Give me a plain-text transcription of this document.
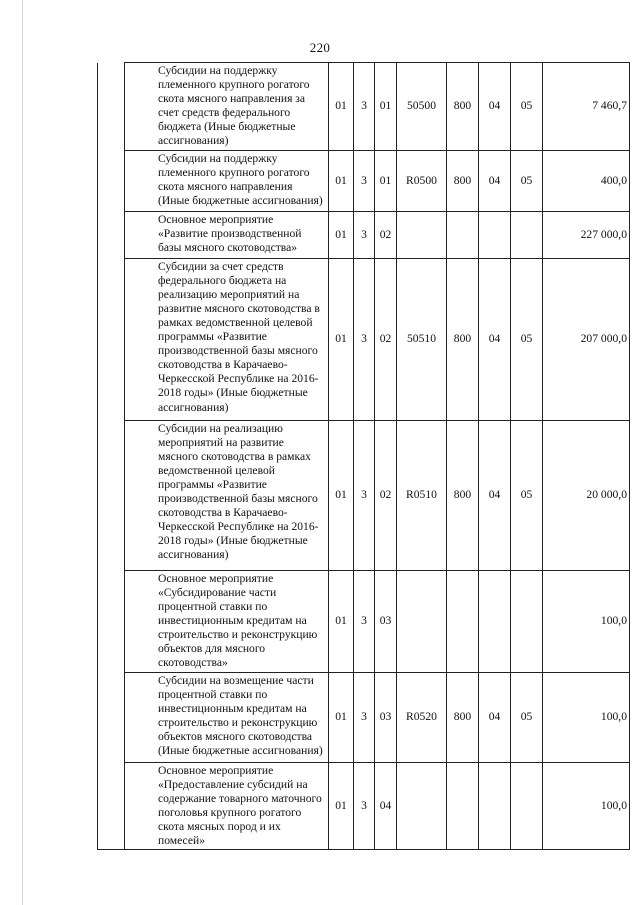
220
	Субсидии на поддержку племенного крупного рогатого скота мясного направления за счет средств федерального бюджета (Иные бюджетные ассигнования)	01	3	01	50500	800	04	05	7 460,7	
	Субсидии на поддержку племенного крупного рогатого скота мясного направления (Иные бюджетные ассигнования)	01	3	01	R0500	800	04	05	400,0	
	Основное мероприятие «Развитие производственной базы мясного скотоводства»	01	3	02					227 000,0	
	Субсидии за счет средств федерального бюджета на реализацию мероприятий на развитие мясного скотоводства в рамках ведомственной целевой программы «Развитие производственной базы мясного скотоводства в Карачаево-Черкесской Республике на 2016-2018 годы» (Иные бюджетные ассигнования)	01	3	02	50510	800	04	05	207 000,0	
	Субсидии на реализацию мероприятий на развитие мясного скотоводства в рамках ведомственной целевой программы «Развитие производственной базы мясного скотоводства в Карачаево-Черкесской Республике на 2016-2018 годы» (Иные бюджетные ассигнования)	01	3	02	R0510	800	04	05	20 000,0	
	Основное мероприятие «Субсидирование части процентной ставки по инвестиционным кредитам на строительство и реконструкцию объектов для мясного скотоводства»	01	3	03					100,0	
	Субсидии на возмещение части процентной ставки по инвестиционным кредитам на строительство и реконструкцию объектов мясного скотоводства (Иные бюджетные ассигнования)	01	3	03	R0520	800	04	05	100,0	
	Основное мероприятие «Предоставление субсидий на содержание товарного маточного поголовья крупного рогатого скота мясных пород и их помесей»	01	3	04					100,0	
